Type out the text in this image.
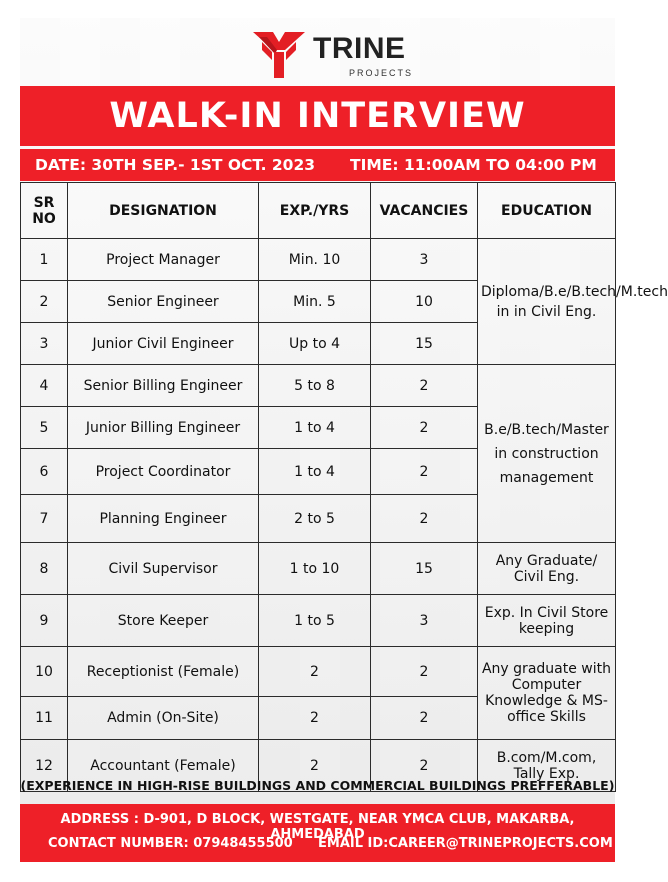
TRINE
PROJECTS
WALK-IN INTERVIEW
DATE: 30TH SEP.- 1ST OCT. 2023 TIME: 11:00AM TO 04:00 PM
SR NO	DESIGNATION	EXP./YRS	VACANCIES	EDUCATION
1	Project Manager	Min. 10	3	Diploma/B.e/B.tech/M.tech in in Civil Eng.
2	Senior Engineer	Min. 5	10	
3	Junior Civil Engineer	Up to 4	15	
4	Senior Billing Engineer	5 to 8	2	B.e/B.tech/Master in construction management
5	Junior Billing Engineer	1 to 4	2	
6	Project Coordinator	1 to 4	2	
7	Planning Engineer	2 to 5	2	
8	Civil Supervisor	1 to 10	15	Any Graduate/ Civil Eng.
9	Store Keeper	1 to 5	3	Exp. In Civil Store keeping
10	Receptionist (Female)	2	2	Any graduate with Computer Knowledge & MS-office Skills
11	Admin (On-Site)	2	2	
12	Accountant (Female)	2	2	B.com/M.com, Tally Exp.
(EXPERIENCE IN HIGH-RISE BUILDINGS AND COMMERCIAL BUILDINGS PREFFERABLE)
ADDRESS : D-901, D BLOCK, WESTGATE, NEAR YMCA CLUB, MAKARBA, AHMEDABAD
CONTACT NUMBER: 07948455500 EMAIL ID:CAREER@TRINEPROJECTS.COM
